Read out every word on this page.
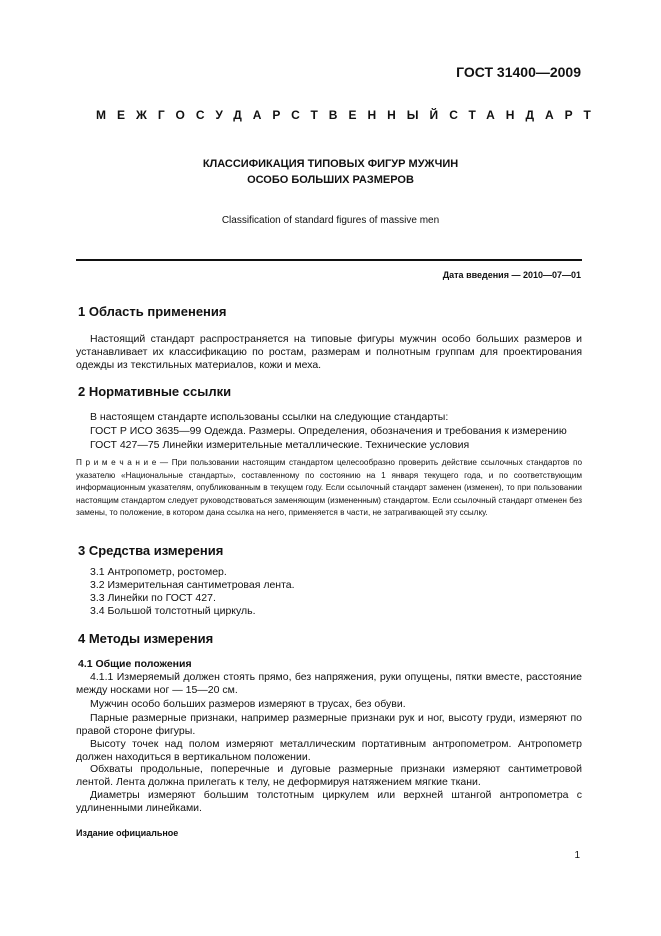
ГОСТ 31400—2009
МЕЖГОСУДАРСТВЕННЫЙ СТАНДАРТ
КЛАССИФИКАЦИЯ ТИПОВЫХ ФИГУР МУЖЧИН
ОСОБО БОЛЬШИХ РАЗМЕРОВ
Classification of standard figures of massive men
Дата введения — 2010—07—01
1 Область применения
Настоящий стандарт распространяется на типовые фигуры мужчин особо больших размеров и устанавливает их классификацию по ростам, размерам и полнотным группам для проектирования одежды из текстильных материалов, кожи и меха.
2 Нормативные ссылки
В настоящем стандарте использованы ссылки на следующие стандарты:
ГОСТ Р ИСО 3635—99 Одежда. Размеры. Определения, обозначения и требования к измерению
ГОСТ 427—75 Линейки измерительные металлические. Технические условия
П р и м е ч а н и е — При пользовании настоящим стандартом целесообразно проверить действие ссылочных стандартов по указателю «Национальные стандарты», составленному по состоянию на 1 января текущего года, и по соответствующим информационным указателям, опубликованным в текущем году. Если ссылочный стандарт заменен (изменен), то при пользовании настоящим стандартом следует руководствоваться заменяющим (измененным) стандартом. Если ссылочный стандарт отменен без замены, то положение, в котором дана ссылка на него, применяется в части, не затрагивающей эту ссылку.
3 Средства измерения
3.1 Антропометр, ростомер.
3.2 Измерительная сантиметровая лента.
3.3 Линейки по ГОСТ 427.
3.4 Большой толстотный циркуль.
4 Методы измерения
4.1 Общие положения
4.1.1 Измеряемый должен стоять прямо, без напряжения, руки опущены, пятки вместе, расстояние между носками ног — 15—20 см.
Мужчин особо больших размеров измеряют в трусах, без обуви.
Парные размерные признаки, например размерные признаки рук и ног, высоту груди, измеряют по правой стороне фигуры.
Высоту точек над полом измеряют металлическим портативным антропометром. Антропометр должен находиться в вертикальном положении.
Обхваты продольные, поперечные и дуговые размерные признаки измеряют сантиметровой лентой. Лента должна прилегать к телу, не деформируя натяжением мягкие ткани.
Диаметры измеряют большим толстотным циркулем или верхней штангой антропометра с удлиненными линейками.
Издание официальное
1
